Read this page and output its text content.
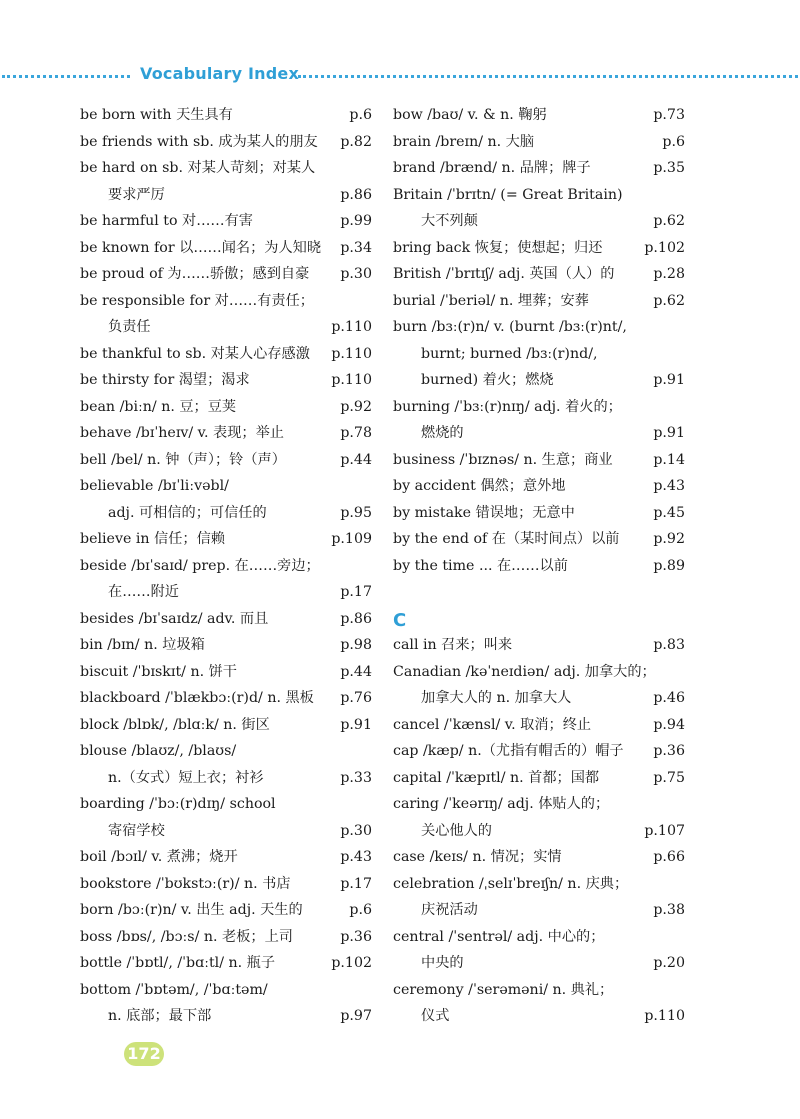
Vocabulary Index
be born with 天生具有	p.6
be friends with sb. 成为某人的朋友 p.82
be hard on sb. 对某人苛刻；对某人
要求严厉	p.86
be harmful to 对……有害	p.99
be known for 以……闻名；为人知晓 p.34
be proud of 为……骄傲；感到自豪 p.30
be responsible for 对……有责任；
负责任	p.110
be thankful to sb. 对某人心存感激 p.110
be thirsty for 渴望；渴求	p.110
bean /biːn/ n. 豆；豆荚	p.92
behave /bɪˈheɪv/ v. 表现；举止	p.78
bell /bel/ n. 钟（声）；铃（声）	p.44
believable /bɪˈliːvəbl/
adj. 可相信的；可信任的	p.95
believe in 信任；信赖	p.109
beside /bɪˈsaɪd/ prep. 在……旁边；
在……附近	p.17
besides /bɪˈsaɪdz/ adv. 而且	p.86
bin /bɪn/ n. 垃圾箱	p.98
biscuit /ˈbɪskɪt/ n. 饼干	p.44
blackboard /ˈblækbɔː(r)d/ n. 黑板 p.76
block /blɒk/, /blɑːk/ n. 街区	p.91
blouse /blaʊz/, /blaʊs/
n.（女式）短上衣；衬衫	p.33
boarding /ˈbɔː(r)dɪŋ/ school
寄宿学校	p.30
boil /bɔɪl/ v. 煮沸；烧开	p.43
bookstore /ˈbʊkstɔː(r)/ n. 书店	p.17
born /bɔː(r)n/ v. 出生 adj. 天生的	p.6
boss /bɒs/, /bɔːs/ n. 老板；上司	p.36
bottle /ˈbɒtl/, /ˈbɑːtl/ n. 瓶子	p.102
bottom /ˈbɒtəm/, /ˈbɑːtəm/
n. 底部；最下部	p.97
bow /baʊ/ v. & n. 鞠躬	p.73
brain /breɪn/ n. 大脑	p.6
brand /brænd/ n. 品牌；牌子	p.35
Britain /ˈbrɪtn/ (= Great Britain)
大不列颠	p.62
bring back 恢复；使想起；归还	p.102
British /ˈbrɪtɪʃ/ adj. 英国（人）的	p.28
burial /ˈberiəl/ n. 埋葬；安葬	p.62
burn /bɜː(r)n/ v. (burnt /bɜː(r)nt/,
burnt; burned /bɜː(r)nd/,
burned) 着火；燃烧	p.91
burning /ˈbɜː(r)nɪŋ/ adj. 着火的；
燃烧的	p.91
business /ˈbɪznəs/ n. 生意；商业	p.14
by accident 偶然；意外地	p.43
by mistake 错误地；无意中	p.45
by the end of 在（某时间点）以前 p.92
by the time ... 在……以前	p.89
C
call in 召来；叫来	p.83
Canadian /kəˈneɪdiən/ adj. 加拿大的；
加拿大人的 n. 加拿大人	p.46
cancel /ˈkænsl/ v. 取消；终止	p.94
cap /kæp/ n.（尤指有帽舌的）帽子 p.36
capital /ˈkæpɪtl/ n. 首都；国都	p.75
caring /ˈkeərɪŋ/ adj. 体贴人的；
关心他人的	p.107
case /keɪs/ n. 情况；实情	p.66
celebration /ˌselɪˈbreɪʃn/ n. 庆典；
庆祝活动	p.38
central /ˈsentrəl/ adj. 中心的；
中央的	p.20
ceremony /ˈserəməni/ n. 典礼；
仪式	p.110
172
